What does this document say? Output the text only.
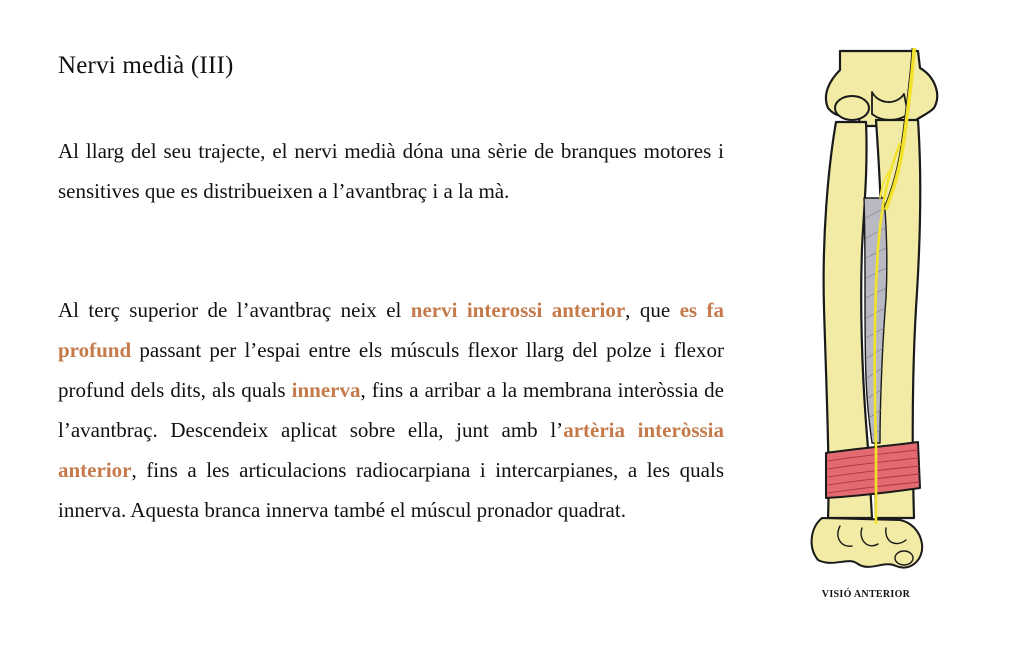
Nervi medià (III)

Al llarg del seu trajecte, el nervi medià dóna una sèrie de branques motores i sensitives que es distribueixen a l’avantbraç i a la mà.

Al terç superior de l’avantbraç neix el nervi interossi anterior, que es fa profund passant per l’espai entre els músculs flexor llarg del polze i flexor profund dels dits, als quals innerva, fins a arribar a la membrana interòssia de l’avantbraç. Descendeix aplicat sobre ella, junt amb l’artèria interòssia anterior, fins a les articulacions radiocarpiana i intercarpianes, a les quals innerva. Aquesta branca innerva també el múscul pronador quadrat.

VISIÓ ANTERIOR
